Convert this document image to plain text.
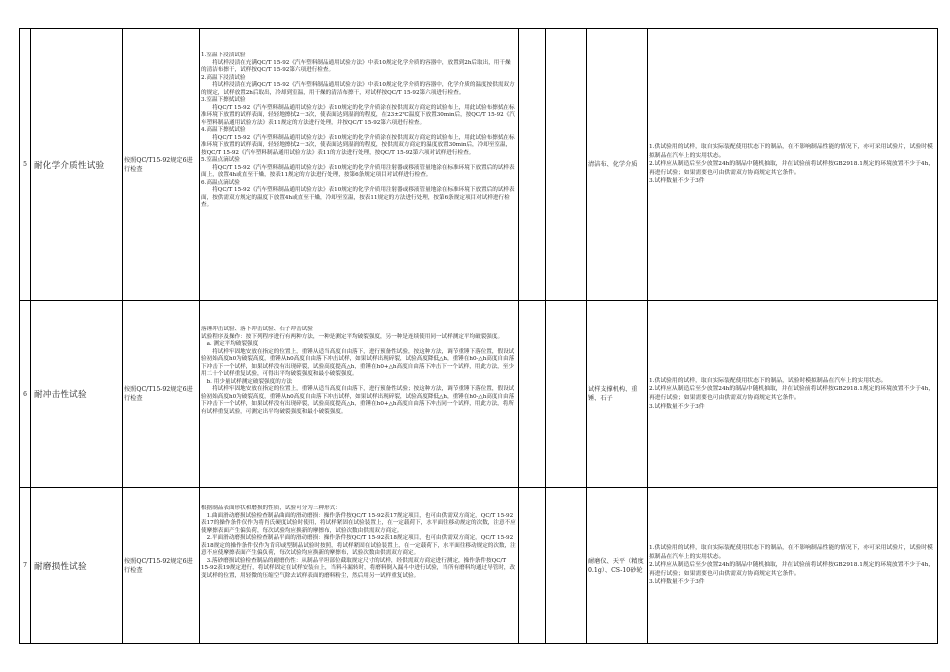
5 耐化学介质性试验
按照QC/T15-92规定6进行检查
1.室温下浸渍试验
　　将试样浸渍在充满QC/T 15-92《汽车塑料制品通用试验方法》中表10规定化学介质的容器中，放置到2h后取出，用干燥的清洁布擦干，试样按QC/T 15-92第六项进行检查。
2.高温下浸渍试验
　　将试样浸渍在充满QC/T 15-92《汽车塑料制品通用试验方法》中表10规定化学介质的容器中，化学介质的温度按供需双方的规定，试样放置2h后取出，冷却到室温，用干燥的清洁布擦干，对试样按QC/T 15-92第六项进行检查。
3.室温下擦拭试验
　　将QC/T 15-92《汽车塑料制品通用试验方法》表10规定的化学介质涂在按供需双方商定的试验布上，用此试验布擦拭在标准环境下放置的试样表面，轻轻地擦拭2－3次，使表面达到湿润的程度，在23±2℃温度下放置30min后，按QC/T 15-92《汽车塑料制品通用试验方法》表11规定的方法进行处理，并按QC/T 15-92第六项进行检查。
4.高温下擦拭试验
　　将QC/T 15-92《汽车塑料制品通用试验方法》表10规定的化学介质涂在按供需双方商定的试验布上，用此试验布擦拭在标准环境下放置的试样表面，轻轻地擦拭2－3次，使表面达到湿润的程度，按供需双方商定的温度放置30min后，冷却至室温，按QC/T 15-92《汽车塑料制品通用试验方法》表11的方法进行处理，按QC/T 15-92第六项对试样进行检查。
5.室温点滴试验
　　将QC/T 15-92《汽车塑料制品通用试验方法》表10规定的化学介质用注射器或移液管量地涂在标准环境下放置后的试样表面上，放置4h或直至干燥，按表11规定的方法进行处理，按第6条规定项目对试样进行检查。
6.高温点滴试验
　　将QC/T 15-92《汽车塑料制品通用试验方法》表10规定的化学介质用注射器或移液管量地涂在标准环境下放置后的试样表面，按供需双方规定的温度下放置4h或直至干燥，冷却至室温，按表11规定的方法进行处理，按第6条规定项目对试样进行检查。
清洁布、化学介质
1.供试验用的试样，取自实际装配使用状态下的制品，在不影响制品性能的情况下，亦可采用试验片，试验时模拟制品在汽车上的实用状态。
2.试样应从制造后至少放置24h的制品中随机抽取，并在试验前将试样按GB2918.1规定的环境放置不少于4h，再进行试验；如果需要也可由供需双方协商规定其它条件。
3.试样数量不少于3件
6 耐冲击性试验
按照QC/T15-92规定6进行检查
落锤冲击试验、落下冲击试验、石子冲击试验
试验程序及操作：按下列程序进行有两种方法，一种是测定平均破裂强度，另一种是连续使用同一试样测定平均破裂强度。
　a. 测定平均破裂强度
　　将试样牢固地安放在指定的位置上，重锤从适当高度自由落下，进行预备性试验，按这种方法，调节重锤下落位置，假设试验初始高度h0为破裂高度，重锤从h0高度自由落下冲击试样，如果试样出现碎裂，试验高度降低△h，重锤在h0-△h高度自由落下冲击下一个试样，如果试样没有出现碎裂，试验高度提高△h，重锤在h0+△h高度自由落下冲击下一个试样，用此方法，至少用二十个试样重复试验，可得出平均破裂强度和最小破裂强度。
　b. 用少量试样测定破裂强度的方法
　　将试样牢固地安放在指定的位置上，重锤从适当高度自由落下，进行预备性试验；按这种方法，调节重锤下落位置，假设试验初始高度h0为破裂高度，重锤从h0高度自由落下冲击试样，如果试样出现碎裂，试验高度降低△h，重锤在h0-△h高度自由落下冲击下一个试样，如果试样没有出现碎裂，试验高度提高△h，重锤在h0+△h高度自由落下冲击同一个试样，用此方法，将所有试样重复试验，可测定出平均破裂强度和最小破裂强度。
试样支撑机构、重锤、石子
1.供试验用的试样，取自实际装配使用状态下的制品，试验时模拟制品在汽车上的实用状态。
2.试样应从制造后至少放置24h的制品中随机抽取，并在试验前将试样按GB2918.1规定的环境放置不少于4h，再进行试验；如果需要也可由供需双方协商规定其它条件。
3.试样数量不少于3件
7 耐磨损性试验
按照QC/T15-92规定6进行检查
根据制品表面形状和磨损的性质，试验可分为三种形式：
　1.曲面滑动磨损试验检查制品曲面的滑动磨损：操作条件按QC/T 15-92表17规定项目，也可由供需双方商定，QC/T 15-92表17的操作条件仅作为将肖氏硬度试验时使用，将试样紧固在试验装置上，在一定载荷下，水平面往移动规定的次数，注意不应使摩擦表面产生偏负荷，每次试验均应换新的摩擦布，试验次数由供需双方商定。
　2.平面滑动磨损试验检查制品平面的滑动磨损：操作条件按QC/T 15-92表18规定项目，也可由供需双方商定，QC/T 15-92表18规定的操作条件仅作为肯印或型制品试验时按照，将试样紧固在试验装置上，在一定载荷下，水平面往移动规定的次数，注意不应使摩擦表面产生偏负荷，每次试验均应换新的摩擦布，试验次数由供需双方商定。
　3.落砂磨损试验检查制品的耐磨伤性：从制品平坦部位截取规定尺寸的试样，经供需双方商定进行测定，操作条件按QC/T 15-92表19规定进行，将试样固定在试样安装台上，当料斗漏转时，将磨料倒入漏斗中进行试验，当所有磨料均通过导管时，改变试样的位置，用轻微的压缩空气除去试样表面的磨料粉尘，然后用另一试样重复试验。
耐磨仪、天平（精度0.1g）、CS-10砂轮
1.供试验用的试样，取自实际装配使用状态下的制品，在不影响制品性能的情况下，亦可采用试验片，试验时模拟制品在汽车上的实用状态。
2.试样应从制造后至少放置24h的制品中随机抽取，并在试验前将试样按GB2918.1规定的环境放置不少于4h，再进行试验；如果需要也可由供需双方协商规定其它条件。
3.试样数量不少于3件
